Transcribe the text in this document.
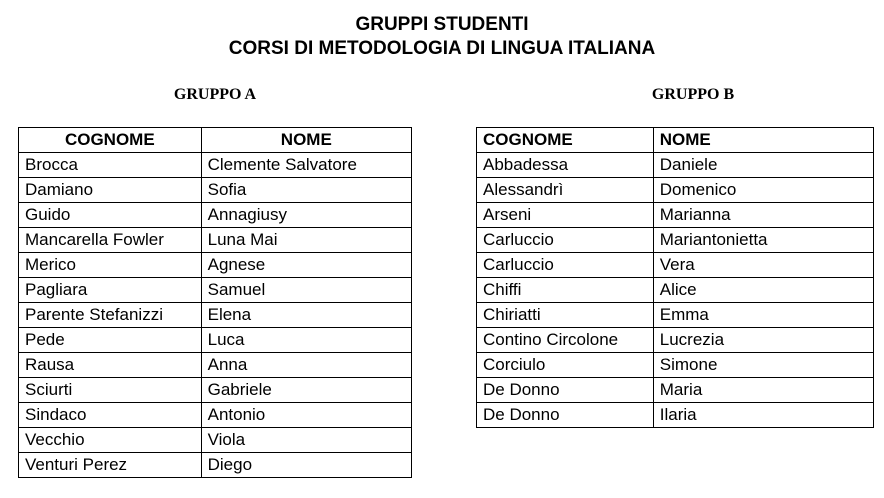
GRUPPI STUDENTI
CORSI DI METODOLOGIA DI LINGUA ITALIANA
GRUPPO A	GRUPPO B
COGNOME	NOME
Brocca	Clemente Salvatore
Damiano	Sofia
Guido	Annagiusy
Mancarella Fowler	Luna Mai
Merico	Agnese
Pagliara	Samuel
Parente Stefanizzi	Elena
Pede	Luca
Rausa	Anna
Sciurti	Gabriele
Sindaco	Antonio
Vecchio	Viola
Venturi Perez	Diego
COGNOME	NOME
Abbadessa	Daniele
Alessandrì	Domenico
Arseni	Marianna
Carluccio	Mariantonietta
Carluccio	Vera
Chiffi	Alice
Chiriatti	Emma
Contino Circolone	Lucrezia
Corciulo	Simone
De Donno	Maria
De Donno	Ilaria
